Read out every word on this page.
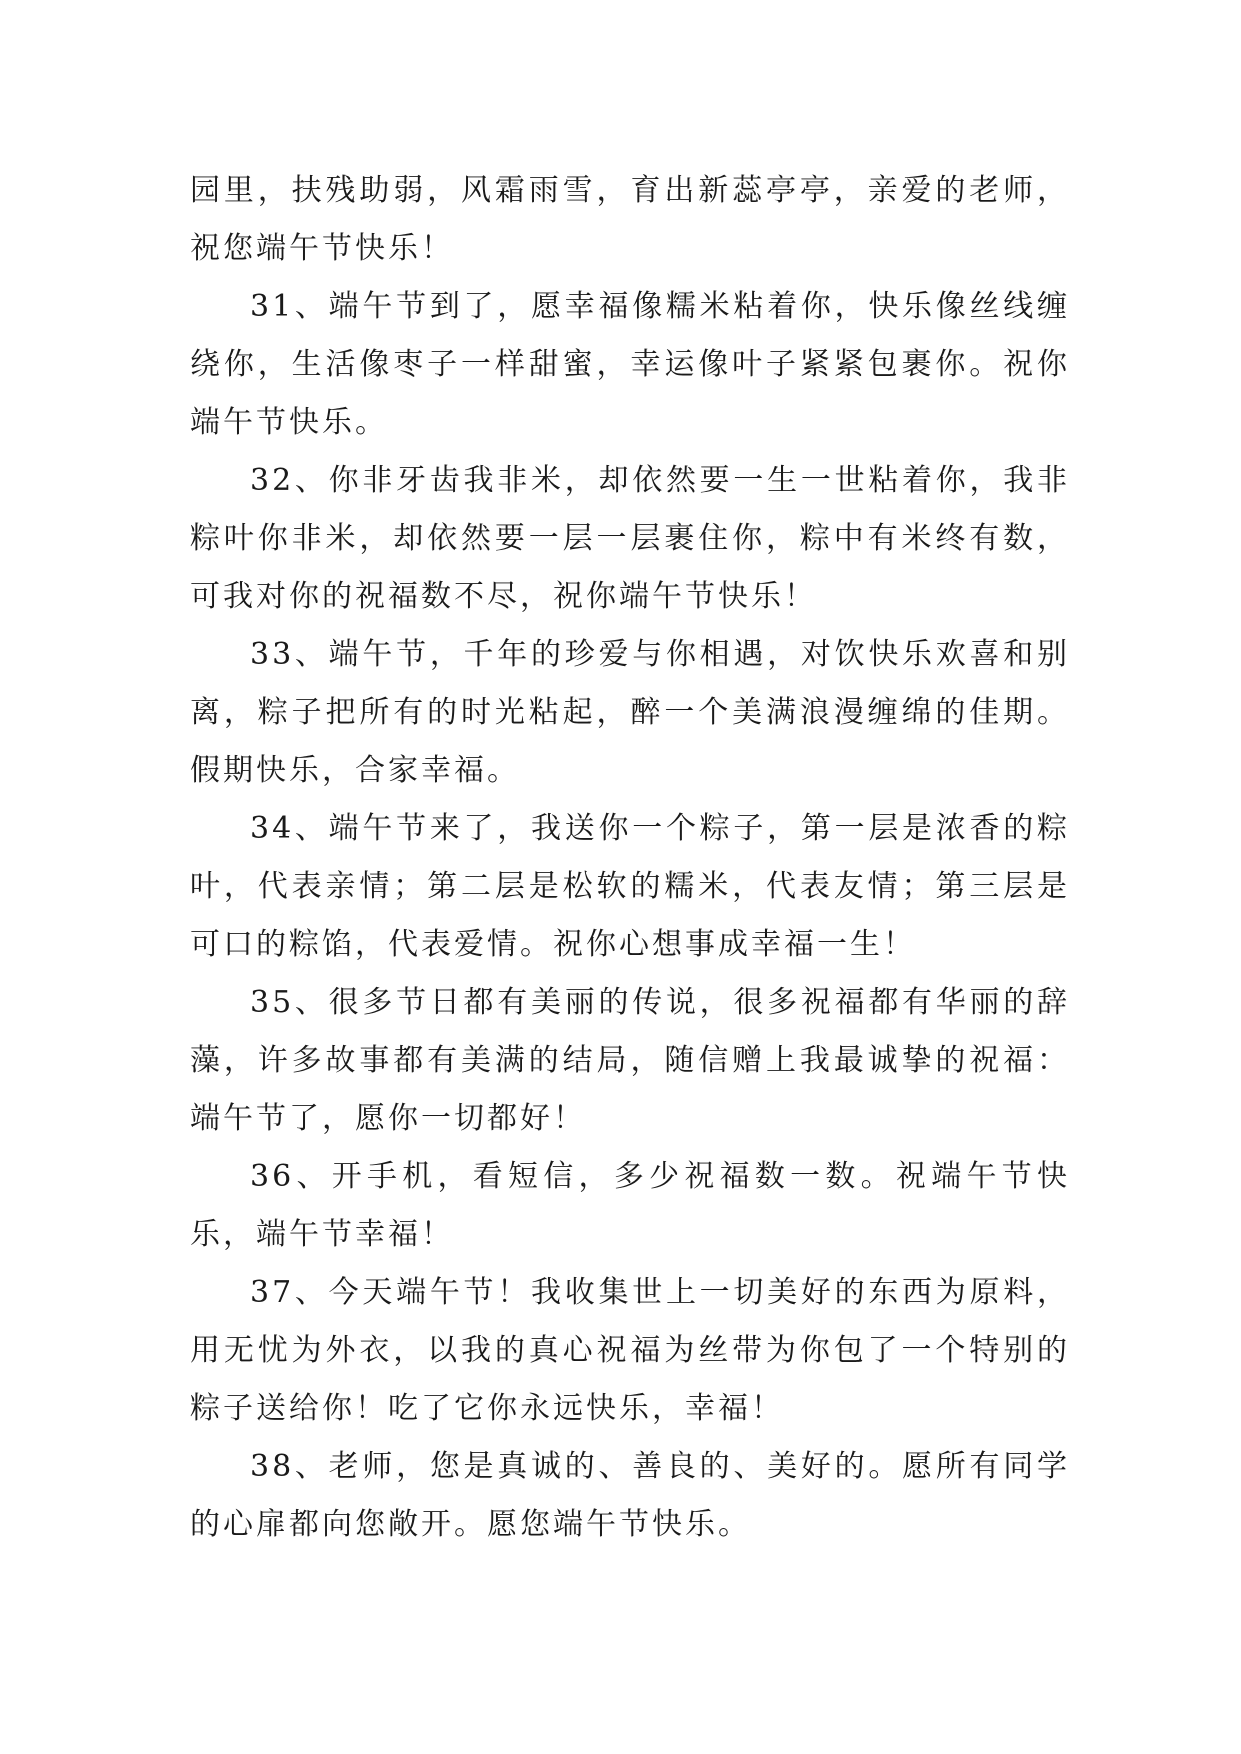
园里，扶残助弱，风霜雨雪，育出新蕊亭亭，亲爱的老师，祝您端午节快乐！

31、端午节到了，愿幸福像糯米粘着你，快乐像丝线缠绕你，生活像枣子一样甜蜜，幸运像叶子紧紧包裹你。祝你端午节快乐。

32、你非牙齿我非米，却依然要一生一世粘着你，我非粽叶你非米，却依然要一层一层裹住你，粽中有米终有数，可我对你的祝福数不尽，祝你端午节快乐！

33、端午节，千年的珍爱与你相遇，对饮快乐欢喜和别离，粽子把所有的时光粘起，醉一个美满浪漫缠绵的佳期。假期快乐，合家幸福。

34、端午节来了，我送你一个粽子，第一层是浓香的粽叶，代表亲情；第二层是松软的糯米，代表友情；第三层是可口的粽馅，代表爱情。祝你心想事成幸福一生！

35、很多节日都有美丽的传说，很多祝福都有华丽的辞藻，许多故事都有美满的结局，随信赠上我最诚挚的祝福：端午节了，愿你一切都好！

36、开手机，看短信，多少祝福数一数。祝端午节快乐，端午节幸福！

37、今天端午节！我收集世上一切美好的东西为原料，用无忧为外衣，以我的真心祝福为丝带为你包了一个特别的粽子送给你！吃了它你永远快乐，幸福！

38、老师，您是真诚的、善良的、美好的。愿所有同学的心扉都向您敞开。愿您端午节快乐。
